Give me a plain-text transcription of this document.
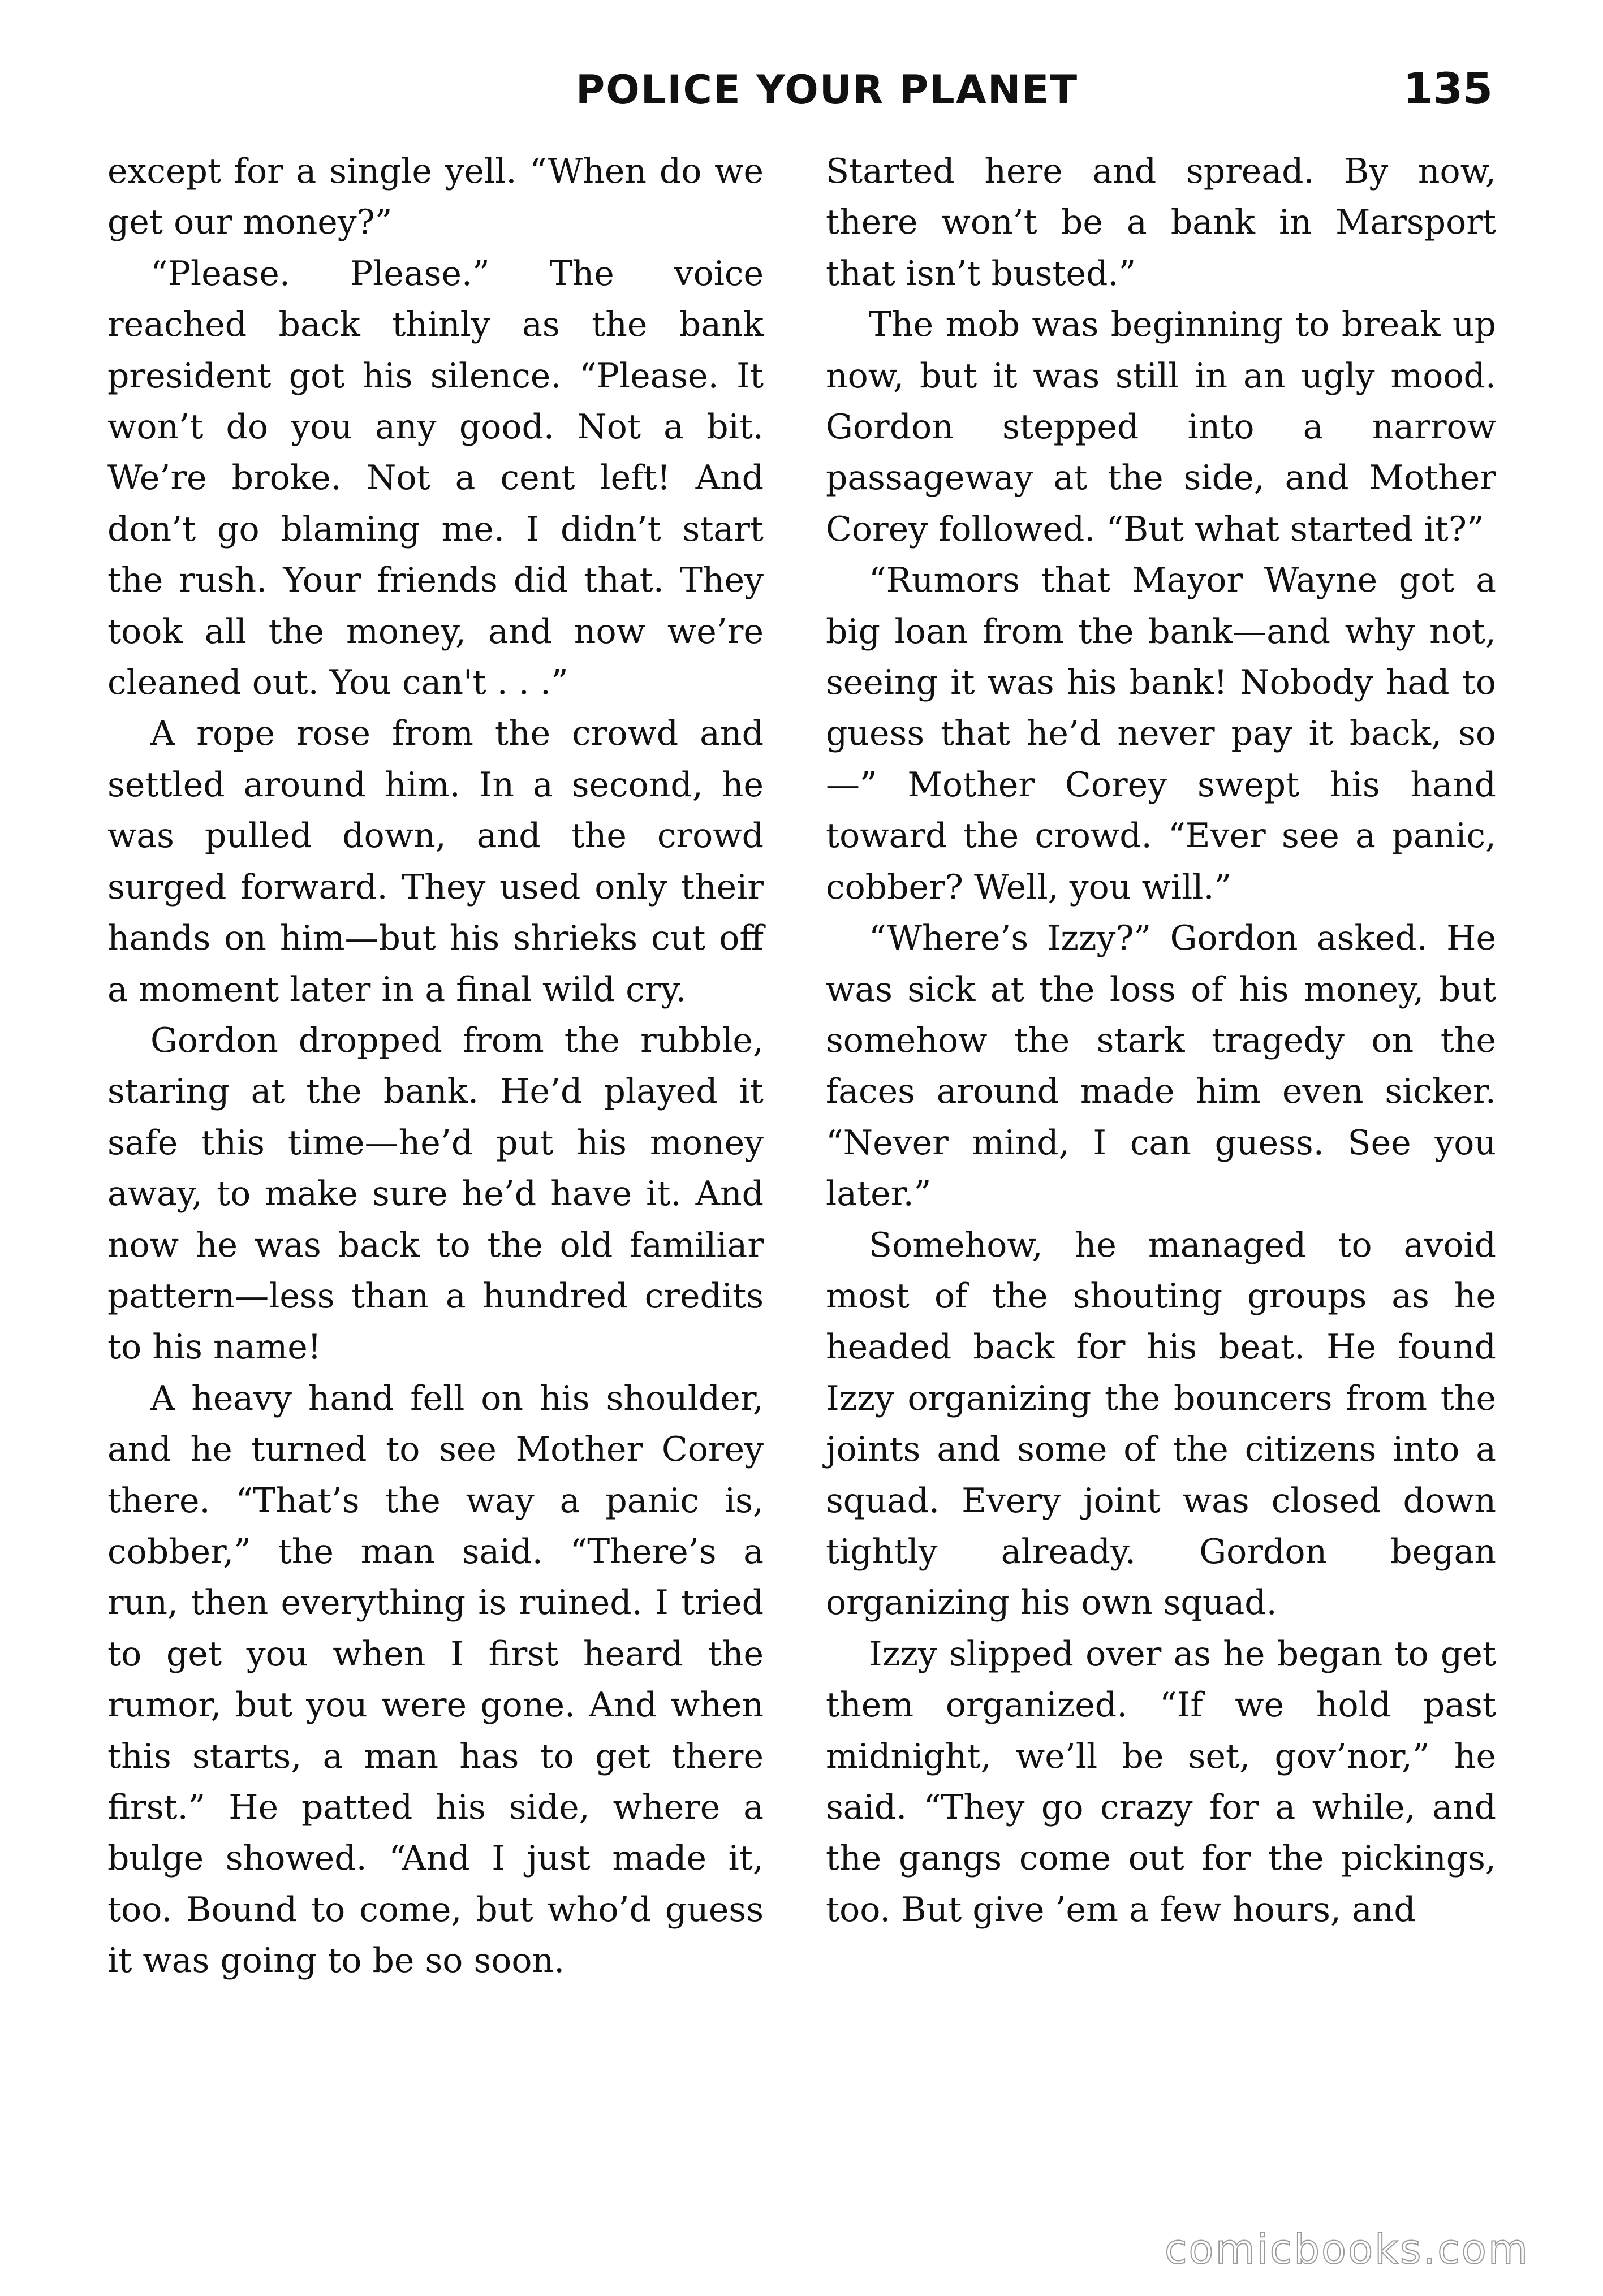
POLICE YOUR PLANET	135

except for a single yell. “When do we get our money?”

“Please. Please.” The voice reached back thinly as the bank president got his silence. “Please. It won’t do you any good. Not a bit. We’re broke. Not a cent left! And don’t go blaming me. I didn’t start the rush. Your friends did that. They took all the money, and now we’re cleaned out. You can't . . .”

A rope rose from the crowd and settled around him. In a second, he was pulled down, and the crowd surged forward. They used only their hands on him—but his shrieks cut off a moment later in a final wild cry.

Gordon dropped from the rubble, staring at the bank. He’d played it safe this time—he’d put his money away, to make sure he’d have it. And now he was back to the old familiar pattern—less than a hundred credits to his name!

A heavy hand fell on his shoulder, and he turned to see Mother Corey there. “That’s the way a panic is, cobber,” the man said. “There’s a run, then everything is ruined. I tried to get you when I first heard the rumor, but you were gone. And when this starts, a man has to get there first.” He patted his side, where a bulge showed. “And I just made it, too. Bound to come, but who’d guess it was going to be so soon.

Started here and spread. By now, there won’t be a bank in Marsport that isn’t busted.”

The mob was beginning to break up now, but it was still in an ugly mood. Gordon stepped into a narrow passageway at the side, and Mother Corey followed. “But what started it?”

“Rumors that Mayor Wayne got a big loan from the bank—and why not, seeing it was his bank! Nobody had to guess that he’d never pay it back, so—” Mother Corey swept his hand toward the crowd. “Ever see a panic, cobber? Well, you will.”

“Where’s Izzy?” Gordon asked. He was sick at the loss of his money, but somehow the stark tragedy on the faces around made him even sicker. “Never mind, I can guess. See you later.”

Somehow, he managed to avoid most of the shouting groups as he headed back for his beat. He found Izzy organizing the bouncers from the joints and some of the citizens into a squad. Every joint was closed down tightly already. Gordon began organizing his own squad.

Izzy slipped over as he began to get them organized. “If we hold past midnight, we’ll be set, gov’nor,” he said. “They go crazy for a while, and the gangs come out for the pickings, too. But give ’em a few hours, and

comicbooks.com
